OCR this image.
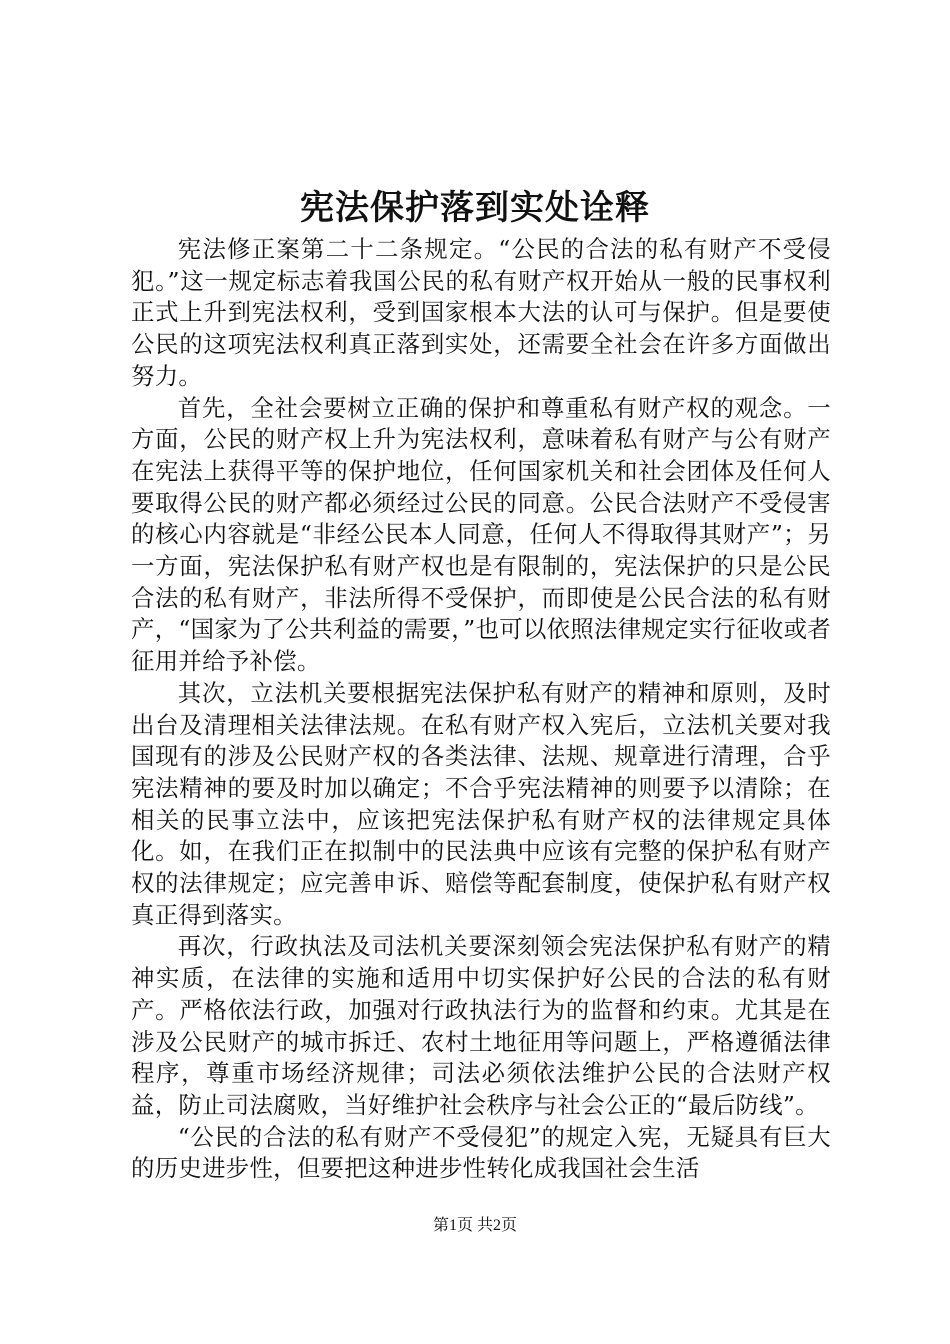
宪法保护落到实处诠释

宪法修正案第二十二条规定。“公民的合法的私有财产不受侵犯。”这一规定标志着我国公民的私有财产权开始从一般的民事权利正式上升到宪法权利，受到国家根本大法的认可与保护。但是要使公民的这项宪法权利真正落到实处，还需要全社会在许多方面做出努力。

首先，全社会要树立正确的保护和尊重私有财产权的观念。一方面，公民的财产权上升为宪法权利，意味着私有财产与公有财产在宪法上获得平等的保护地位，任何国家机关和社会团体及任何人要取得公民的财产都必须经过公民的同意。公民合法财产不受侵害的核心内容就是“非经公民本人同意，任何人不得取得其财产”；另一方面，宪法保护私有财产权也是有限制的，宪法保护的只是公民合法的私有财产，非法所得不受保护，而即使是公民合法的私有财产，“国家为了公共利益的需要，”也可以依照法律规定实行征收或者征用并给予补偿。

其次，立法机关要根据宪法保护私有财产的精神和原则，及时出台及清理相关法律法规。在私有财产权入宪后，立法机关要对我国现有的涉及公民财产权的各类法律、法规、规章进行清理，合乎宪法精神的要及时加以确定；不合乎宪法精神的则要予以清除；在相关的民事立法中，应该把宪法保护私有财产权的法律规定具体化。如，在我们正在拟制中的民法典中应该有完整的保护私有财产权的法律规定；应完善申诉、赔偿等配套制度，使保护私有财产权真正得到落实。

再次，行政执法及司法机关要深刻领会宪法保护私有财产的精神实质，在法律的实施和适用中切实保护好公民的合法的私有财产。严格依法行政，加强对行政执法行为的监督和约束。尤其是在涉及公民财产的城市拆迁、农村土地征用等问题上，严格遵循法律程序，尊重市场经济规律；司法必须依法维护公民的合法财产权益，防止司法腐败，当好维护社会秩序与社会公正的“最后防线”。

“公民的合法的私有财产不受侵犯”的规定入宪，无疑具有巨大的历史进步性，但要把这种进步性转化成我国社会生活

第1页 共2页
